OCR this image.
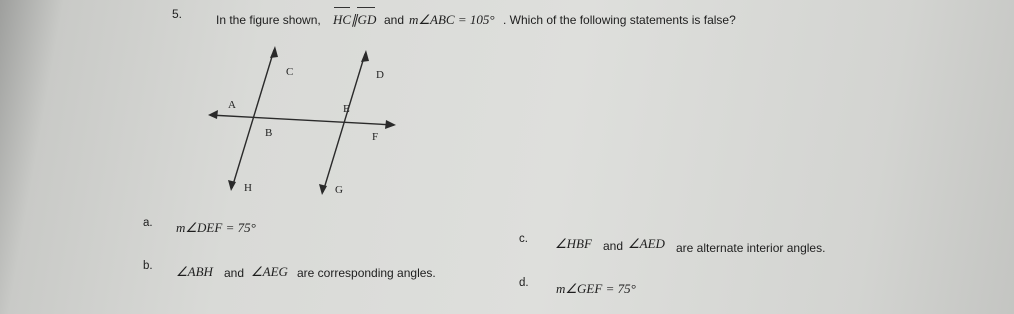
5.	In the figure shown, HC∥GD and m∠ABC = 105° . Which of the following statements is false?
C	D
A	E
B	F
H	G
a. m∠DEF = 75°
b. ∠ABH and ∠AEG are corresponding angles.
c. ∠HBF and ∠AED are alternate interior angles.
d. m∠GEF = 75°
